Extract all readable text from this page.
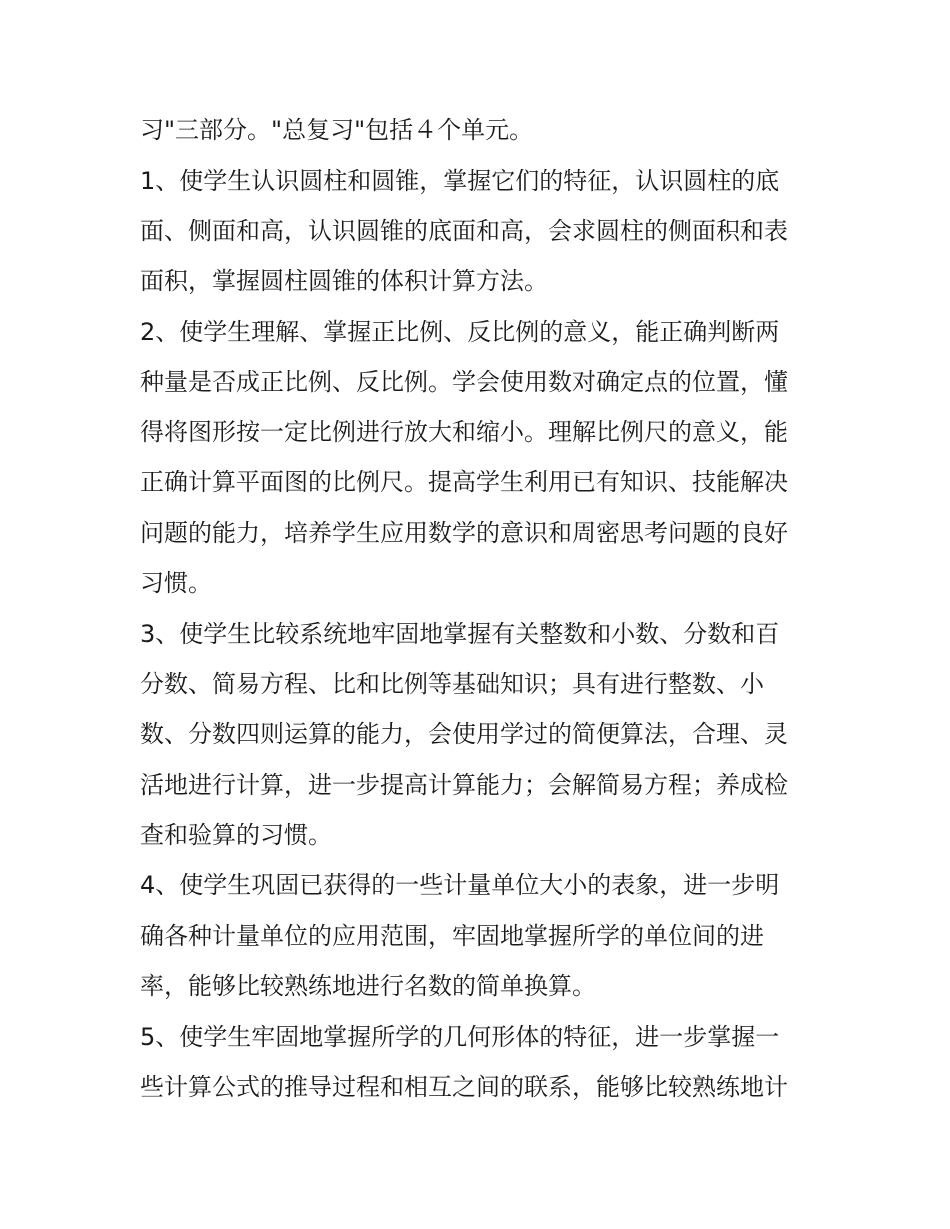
习"三部分。"总复习"包括４个单元。
1、使学生认识圆柱和圆锥，掌握它们的特征，认识圆柱的底
面、侧面和高，认识圆锥的底面和高，会求圆柱的侧面积和表
面积，掌握圆柱圆锥的体积计算方法。
2、使学生理解、掌握正比例、反比例的意义，能正确判断两
种量是否成正比例、反比例。学会使用数对确定点的位置，懂
得将图形按一定比例进行放大和缩小。理解比例尺的意义，能
正确计算平面图的比例尺。提高学生利用已有知识、技能解决
问题的能力，培养学生应用数学的意识和周密思考问题的良好
习惯。
3、使学生比较系统地牢固地掌握有关整数和小数、分数和百
分数、简易方程、比和比例等基础知识；具有进行整数、小
数、分数四则运算的能力，会使用学过的简便算法，合理、灵
活地进行计算，进一步提高计算能力；会解简易方程；养成检
查和验算的习惯。
4、使学生巩固已获得的一些计量单位大小的表象，进一步明
确各种计量单位的应用范围，牢固地掌握所学的单位间的进
率，能够比较熟练地进行名数的简单换算。
5、使学生牢固地掌握所学的几何形体的特征，进一步掌握一
些计算公式的推导过程和相互之间的联系，能够比较熟练地计
